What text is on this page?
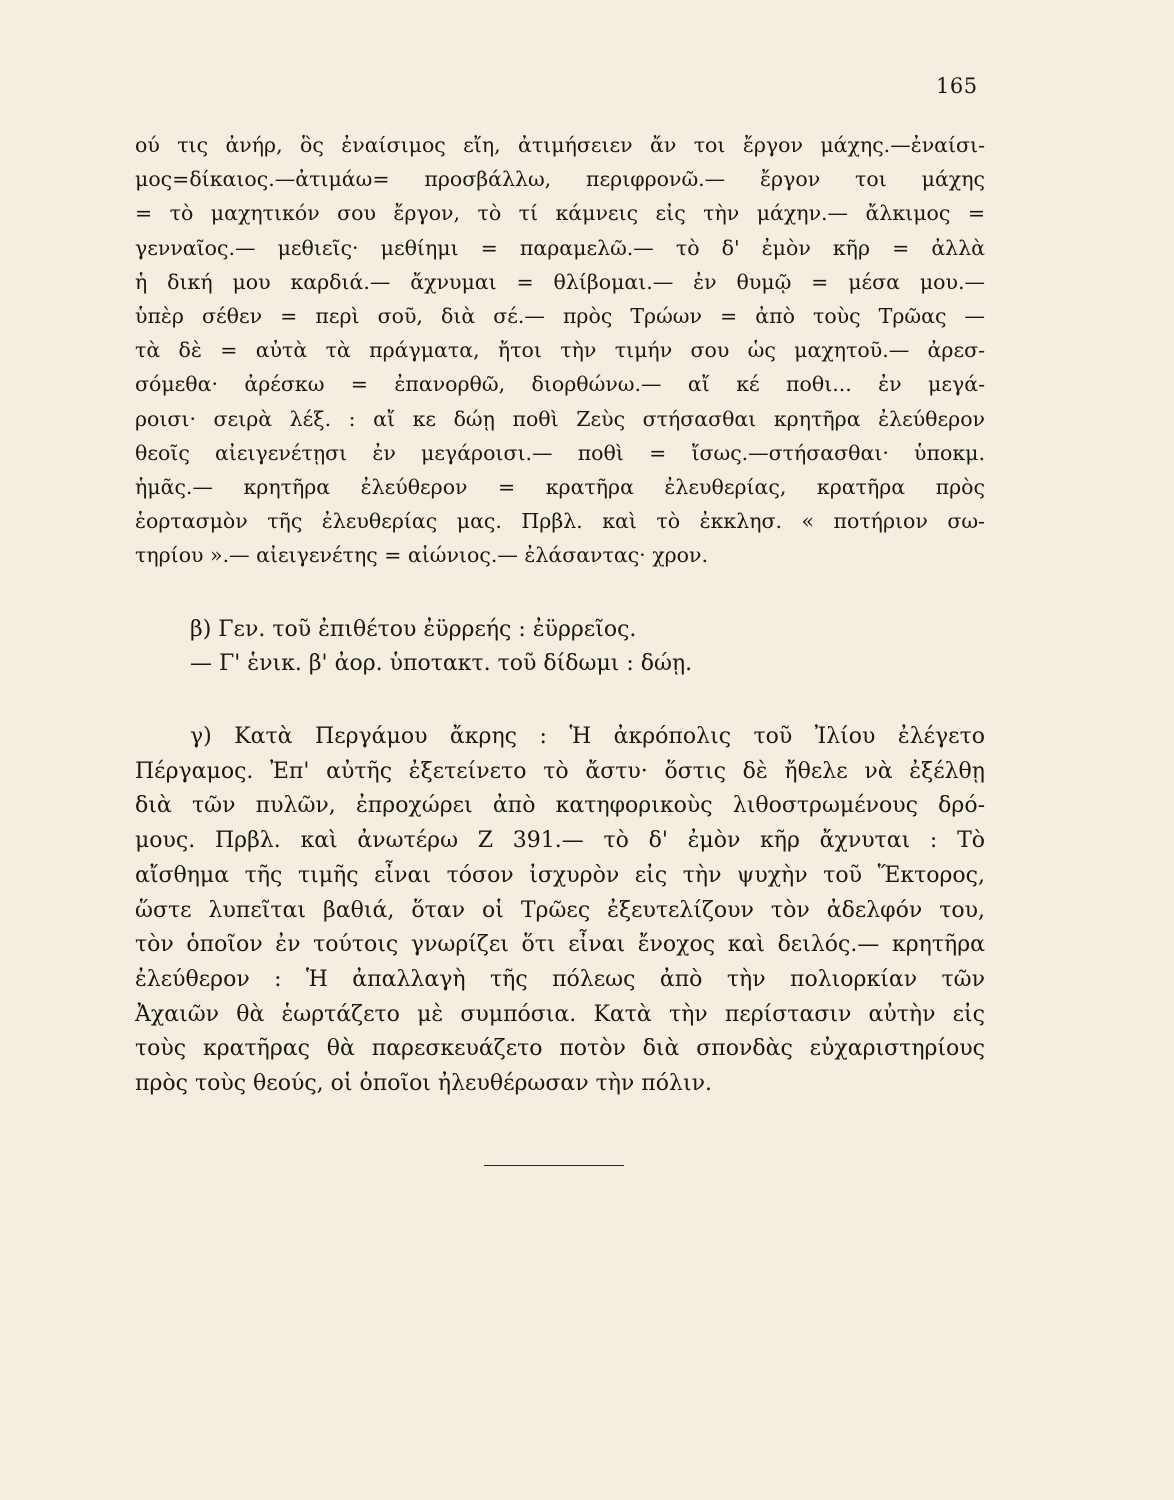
165
ού τις ἀνήρ, ὃς ἐναίσιμος εἴη, ἀτιμήσειεν ἄν τοι ἔργον μάχης.—ἐναίσι-
μος=δίκαιος.—ἀτιμάω= προσβάλλω, περιφρονῶ.— ἔργον τοι μάχης
= τὸ μαχητικόν σου ἔργον, τὸ τί κάμνεις εἰς τὴν μάχην.— ἄλκιμος =
γενναῖος.— μεθιεῖς· μεθίημι = παραμελῶ.— τὸ δ' ἐμὸν κῆρ = ἀλλὰ
ἡ δική μου καρδιά.— ἄχνυμαι = θλίβομαι.— ἐν θυμῷ = μέσα μου.—
ὑπὲρ σέθεν = περὶ σοῦ, διὰ σέ.— πρὸς Τρώων = ἀπὸ τοὺς Τρῶας —
τὰ δὲ = αὐτὰ τὰ πράγματα, ἤτοι τὴν τιμήν σου ὡς μαχητοῦ.— ἀρεσ-
σόμεθα· ἀρέσκω = ἐπανορθῶ, διορθώνω.— αἴ κέ ποθι... ἐν μεγά-
ροισι· σειρὰ λέξ. : αἴ κε δώῃ ποθὶ Ζεὺς στήσασθαι κρητῆρα ἐλεύθερον
θεοῖς αἰειγενέτῃσι ἐν μεγάροισι.— ποθὶ = ἴσως.—στήσασθαι· ὑποκμ.
ἡμᾶς.— κρητῆρα ἐλεύθερον = κρατῆρα ἐλευθερίας, κρατῆρα πρὸς
ἑορτασμὸν τῆς ἐλευθερίας μας. Πρβλ. καὶ τὸ ἐκκλησ. « ποτήριον σω-
τηρίου ».— αἰειγενέτης = αἰώνιος.— ἐλάσαντας· χρον.
β) Γεν. τοῦ ἐπιθέτου ἐϋρρεής : ἐϋρρεῖος.
— Γ' ἑνικ. β' ἀορ. ὑποτακτ. τοῦ δίδωμι : δώῃ.
γ) Κατὰ Περγάμου ἄκρης : Ἡ ἀκρόπολις τοῦ Ἰλίου ἐλέγετο
Πέργαμος. Ἐπ' αὐτῆς ἐξετείνετο τὸ ἄστυ· ὅστις δὲ ἤθελε νὰ ἐξέλθῃ
διὰ τῶν πυλῶν, ἐπροχώρει ἀπὸ κατηφορικοὺς λιθοστρωμένους δρό-
μους. Πρβλ. καὶ ἀνωτέρω Ζ 391.— τὸ δ' ἐμὸν κῆρ ἄχνυται : Τὸ
αἴσθημα τῆς τιμῆς εἶναι τόσον ἰσχυρὸν εἰς τὴν ψυχὴν τοῦ Ἕκτορος,
ὥστε λυπεῖται βαθιά, ὅταν οἱ Τρῶες ἐξευτελίζουν τὸν ἀδελφόν του,
τὸν ὁποῖον ἐν τούτοις γνωρίζει ὅτι εἶναι ἔνοχος καὶ δειλός.— κρητῆρα
ἐλεύθερον : Ἡ ἀπαλλαγὴ τῆς πόλεως ἀπὸ τὴν πολιορκίαν τῶν
Ἀχαιῶν θὰ ἑωρτάζετο μὲ συμπόσια. Κατὰ τὴν περίστασιν αὐτὴν εἰς
τοὺς κρατῆρας θὰ παρεσκευάζετο ποτὸν διὰ σπονδὰς εὐχαριστηρίους
πρὸς τοὺς θεούς, οἱ ὁποῖοι ἠλευθέρωσαν τὴν πόλιν.
